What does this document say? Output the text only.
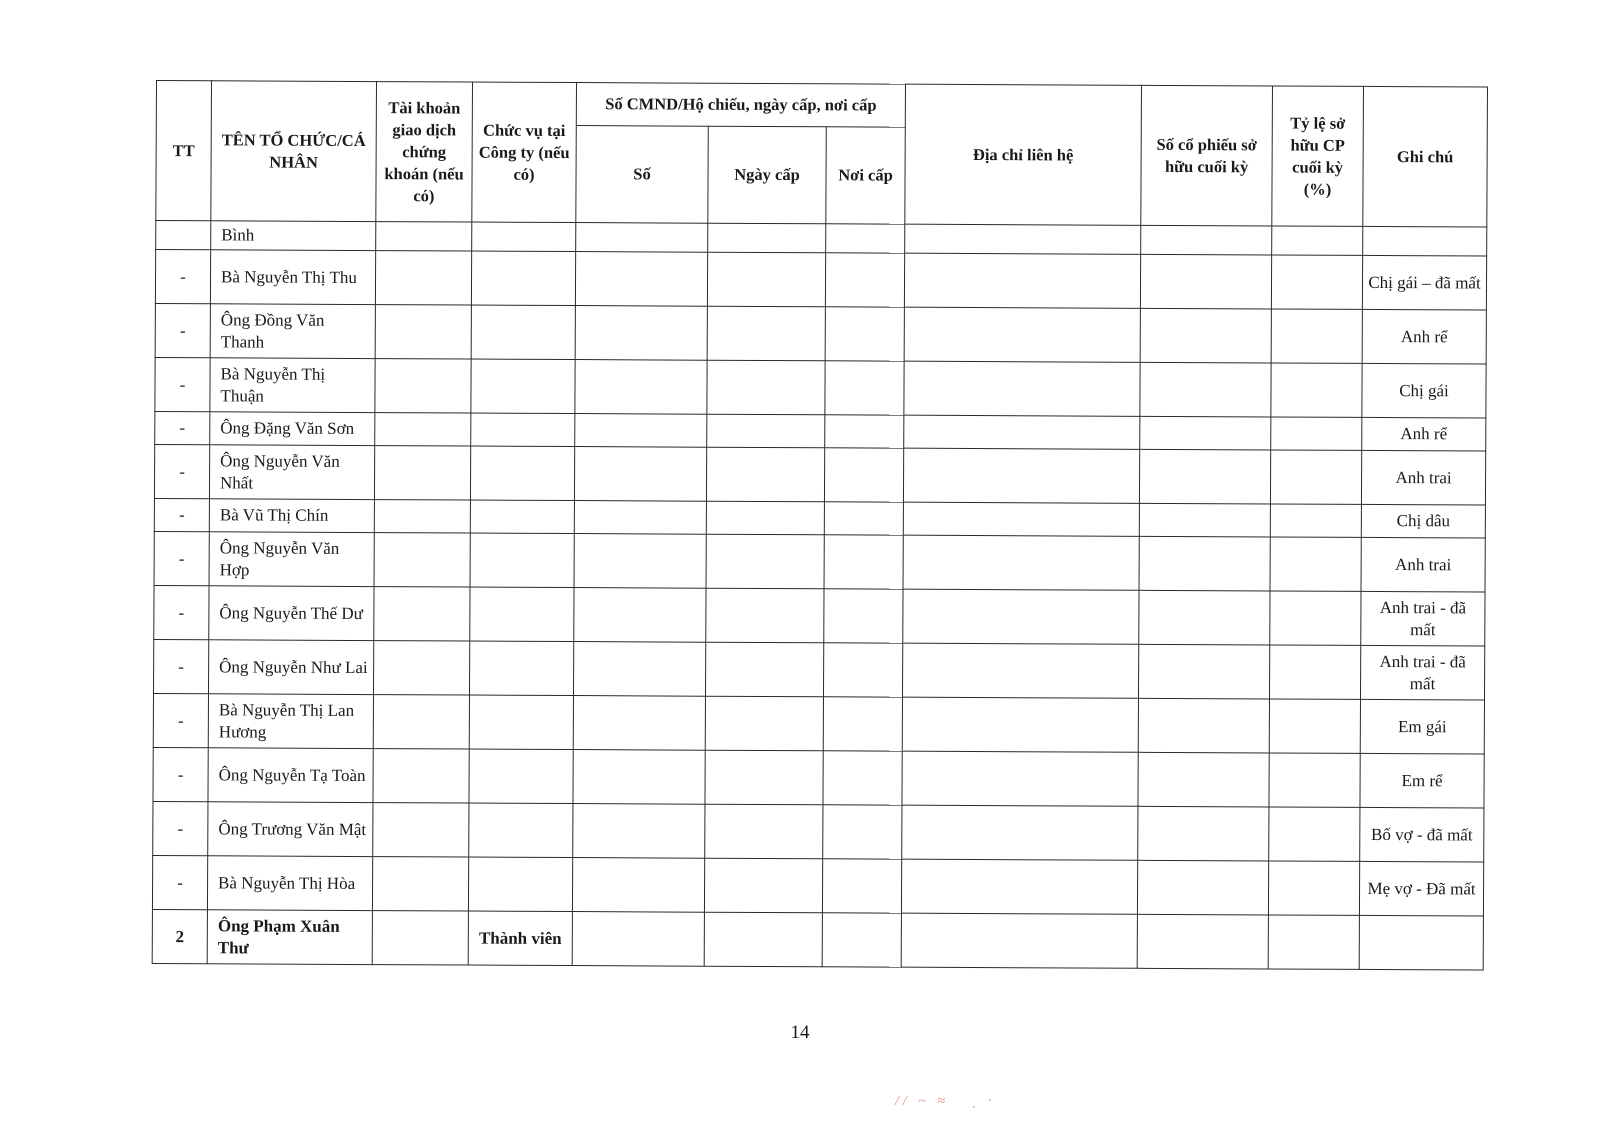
TT	TÊN TỔ CHỨC/CÁ NHÂN	Tài khoản giao dịch chứng khoán (nếu có)	Chức vụ tại Công ty (nếu có)	Số CMND/Hộ chiếu, ngày cấp, nơi cấp			Địa chỉ liên hệ	Số cổ phiếu sở hữu cuối kỳ	Tỷ lệ sở hữu CP cuối kỳ (%)	Ghi chú
				Số	Ngày cấp	Nơi cấp				
	Bình									
-	Bà Nguyễn Thị Thu									Chị gái – đã mất
-	Ông Đồng Văn Thanh									Anh rể
-	Bà Nguyễn Thị Thuận									Chị gái
-	Ông Đặng Văn Sơn									Anh rể
-	Ông Nguyễn Văn Nhất									Anh trai
-	Bà Vũ Thị Chín									Chị dâu
-	Ông Nguyễn Văn Hợp									Anh trai
-	Ông Nguyễn Thế Dư									Anh trai - đã mất
-	Ông Nguyễn Như Lai									Anh trai - đã mất
-	Bà Nguyễn Thị Lan Hương									Em gái
-	Ông Nguyễn Tạ Toàn									Em rể
-	Ông Trương Văn Mật									Bố vợ - đã mất
-	Bà Nguyễn Thị Hòa									Mẹ vợ - Đã mất
2	Ông Phạm Xuân Thư		Thành viên							
14
// ~ ≈   ˎ ·
